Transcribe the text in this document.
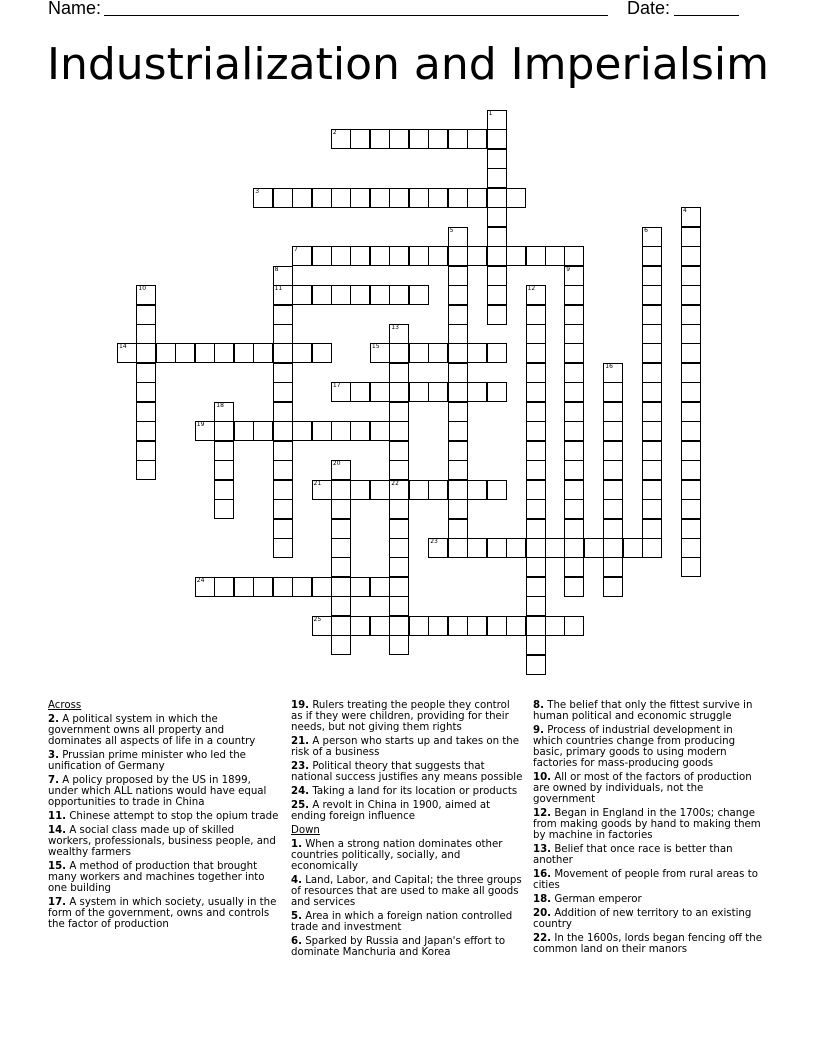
Name:	Date:
Industrialization and Imperialsim
1
2
3
4
5	6
7
8
11
9
10	12
13
22
14	15
16
17
18
19
20
21
23
24
25
Across
2. A political system in which the government owns all property and dominates all aspects of life in a country
3. Prussian prime minister who led the unification of Germany
7. A policy proposed by the US in 1899, under which ALL nations would have equal opportunities to trade in China
11. Chinese attempt to stop the opium trade
14. A social class made up of skilled workers, professionals, business people, and wealthy farmers
15. A method of production that brought many workers and machines together into one building
17. A system in which society, usually in the form of the government, owns and controls the factor of production
19. Rulers treating the people they control as if they were children, providing for their needs, but not giving them rights
21. A person who starts up and takes on the risk of a business
23. Political theory that suggests that national success justifies any means possible
24. Taking a land for its location or products
25. A revolt in China in 1900, aimed at ending foreign influence
Down
1. When a strong nation dominates other countries politically, socially, and economically
4. Land, Labor, and Capital; the three groups of resources that are used to make all goods and services
5. Area in which a foreign nation controlled trade and investment
6. Sparked by Russia and Japan's effort to dominate Manchuria and Korea
8. The belief that only the fittest survive in human political and economic struggle
9. Process of industrial development in which countries change from producing basic, primary goods to using modern factories for mass-producing goods
10. All or most of the factors of production are owned by individuals, not the government
12. Began in England in the 1700s; change from making goods by hand to making them by machine in factories
13. Belief that once race is better than another
16. Movement of people from rural areas to cities
18. German emperor
20. Addition of new territory to an existing country
22. In the 1600s, lords began fencing off the common land on their manors
